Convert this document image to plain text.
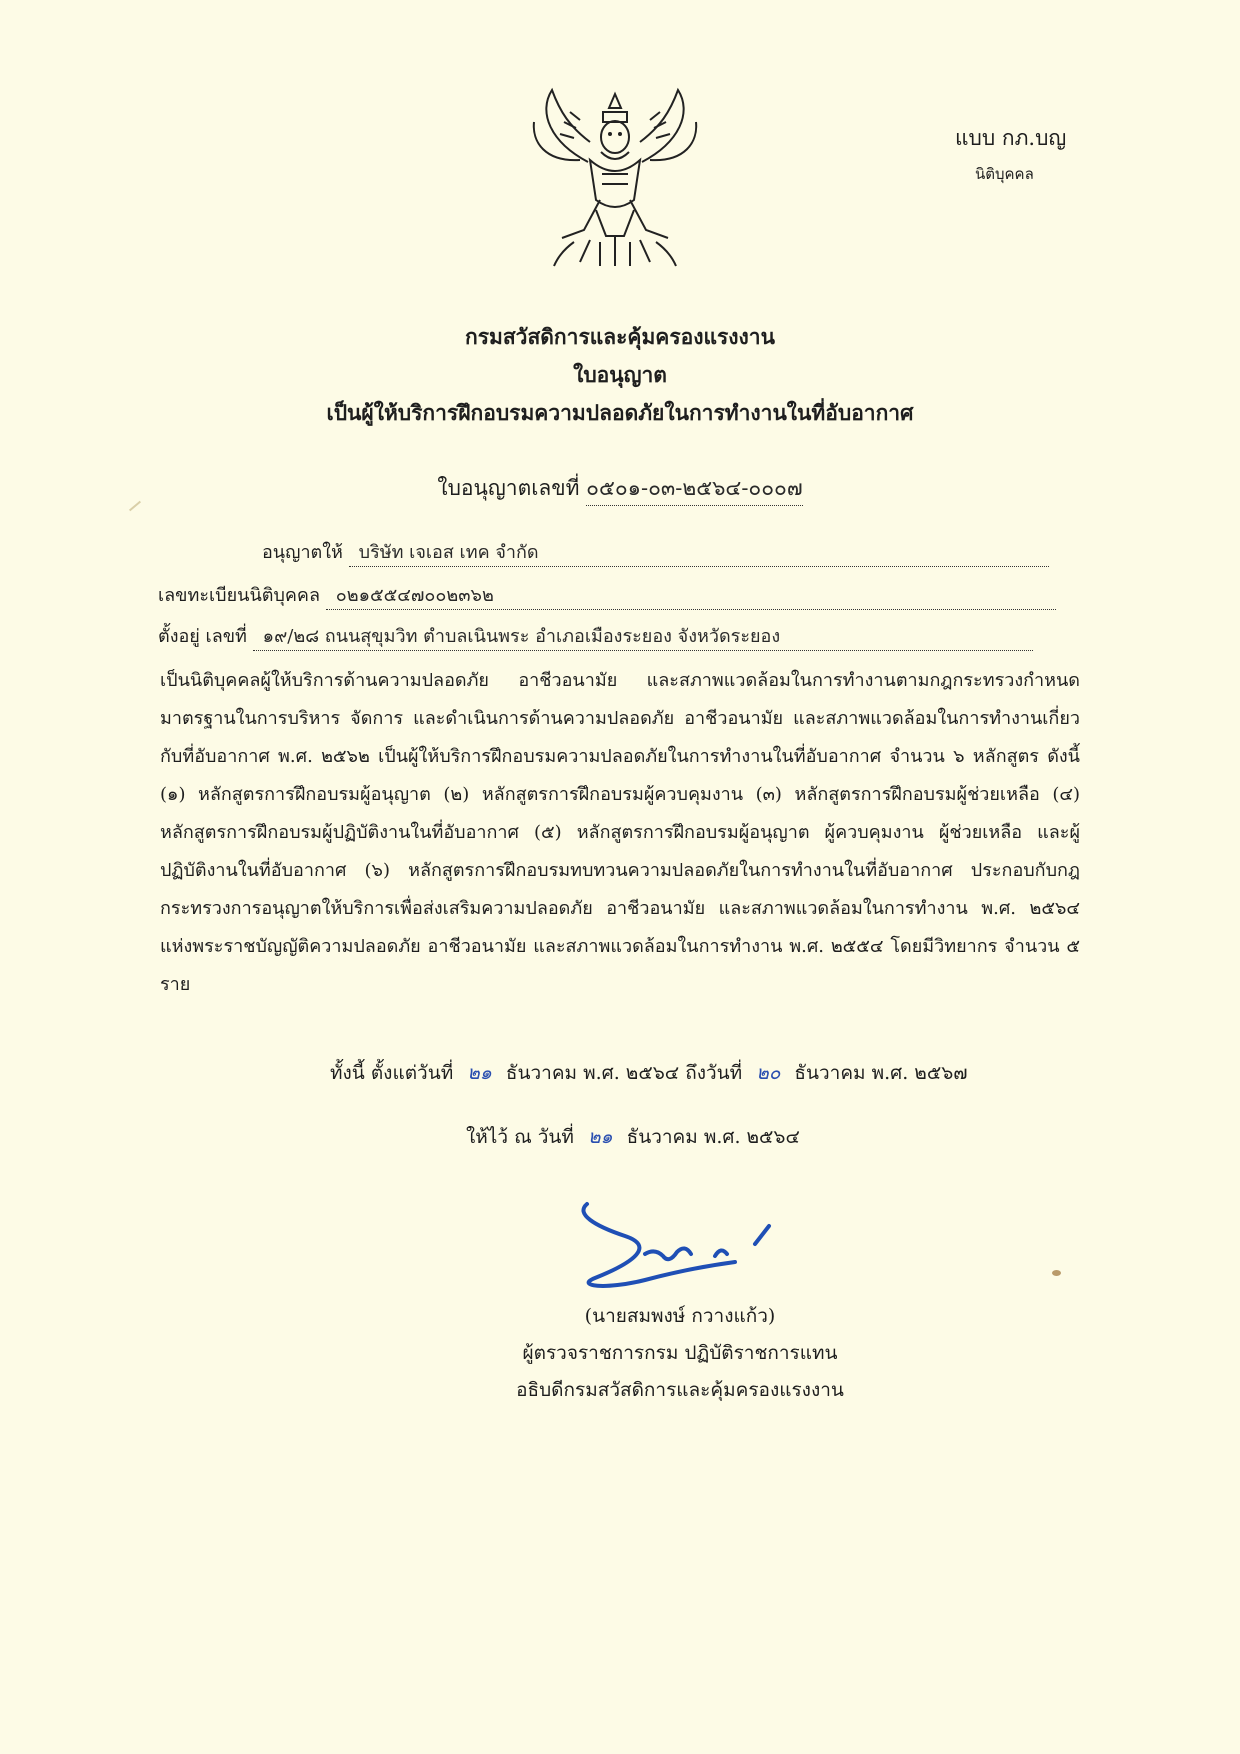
แบบ กภ.บญ
นิติบุคคล
กรมสวัสดิการและคุ้มครองแรงงาน
ใบอนุญาต
เป็นผู้ให้บริการฝึกอบรมความปลอดภัยในการทำงานในที่อับอากาศ
ใบอนุญาตเลขที่ ๐๕๐๑-๐๓-๒๕๖๔-๐๐๐๗
อนุญาตให้ บริษัท เจเอส เทค จำกัด
เลขทะเบียนนิติบุคคล ๐๒๑๕๕๔๗๐๐๒๓๖๒
ตั้งอยู่ เลขที่ ๑๙/๒๘ ถนนสุขุมวิท ตำบลเนินพระ อำเภอเมืองระยอง จังหวัดระยอง
เป็นนิติบุคคลผู้ให้บริการด้านความปลอดภัย อาชีวอนามัย และสภาพแวดล้อมในการทำงานตามกฎกระทรวงกำหนดมาตรฐานในการบริหาร จัดการ และดำเนินการด้านความปลอดภัย อาชีวอนามัย และสภาพแวดล้อมในการทำงานเกี่ยวกับที่อับอากาศ พ.ศ. ๒๕๖๒ เป็นผู้ให้บริการฝึกอบรมความปลอดภัยในการทำงานในที่อับอากาศ จำนวน ๖ หลักสูตร ดังนี้ (๑) หลักสูตรการฝึกอบรมผู้อนุญาต (๒) หลักสูตรการฝึกอบรมผู้ควบคุมงาน (๓) หลักสูตรการฝึกอบรมผู้ช่วยเหลือ (๔) หลักสูตรการฝึกอบรมผู้ปฏิบัติงานในที่อับอากาศ (๕) หลักสูตรการฝึกอบรมผู้อนุญาต ผู้ควบคุมงาน ผู้ช่วยเหลือ และผู้ปฏิบัติงานในที่อับอากาศ (๖) หลักสูตรการฝึกอบรมทบทวนความปลอดภัยในการทำงานในที่อับอากาศ ประกอบกับกฎกระทรวงการอนุญาตให้บริการเพื่อส่งเสริมความปลอดภัย อาชีวอนามัย และสภาพแวดล้อมในการทำงาน พ.ศ. ๒๕๖๔ แห่งพระราชบัญญัติความปลอดภัย อาชีวอนามัย และสภาพแวดล้อมในการทำงาน พ.ศ. ๒๕๕๔ โดยมีวิทยากร จำนวน ๕ ราย
ทั้งนี้ ตั้งแต่วันที่ ๒๑ ธันวาคม พ.ศ. ๒๕๖๔ ถึงวันที่ ๒๐ ธันวาคม พ.ศ. ๒๕๖๗
ให้ไว้ ณ วันที่ ๒๑ ธันวาคม พ.ศ. ๒๕๖๔
(นายสมพงษ์ กวางแก้ว)
ผู้ตรวจราชการกรม ปฏิบัติราชการแทน
อธิบดีกรมสวัสดิการและคุ้มครองแรงงาน
